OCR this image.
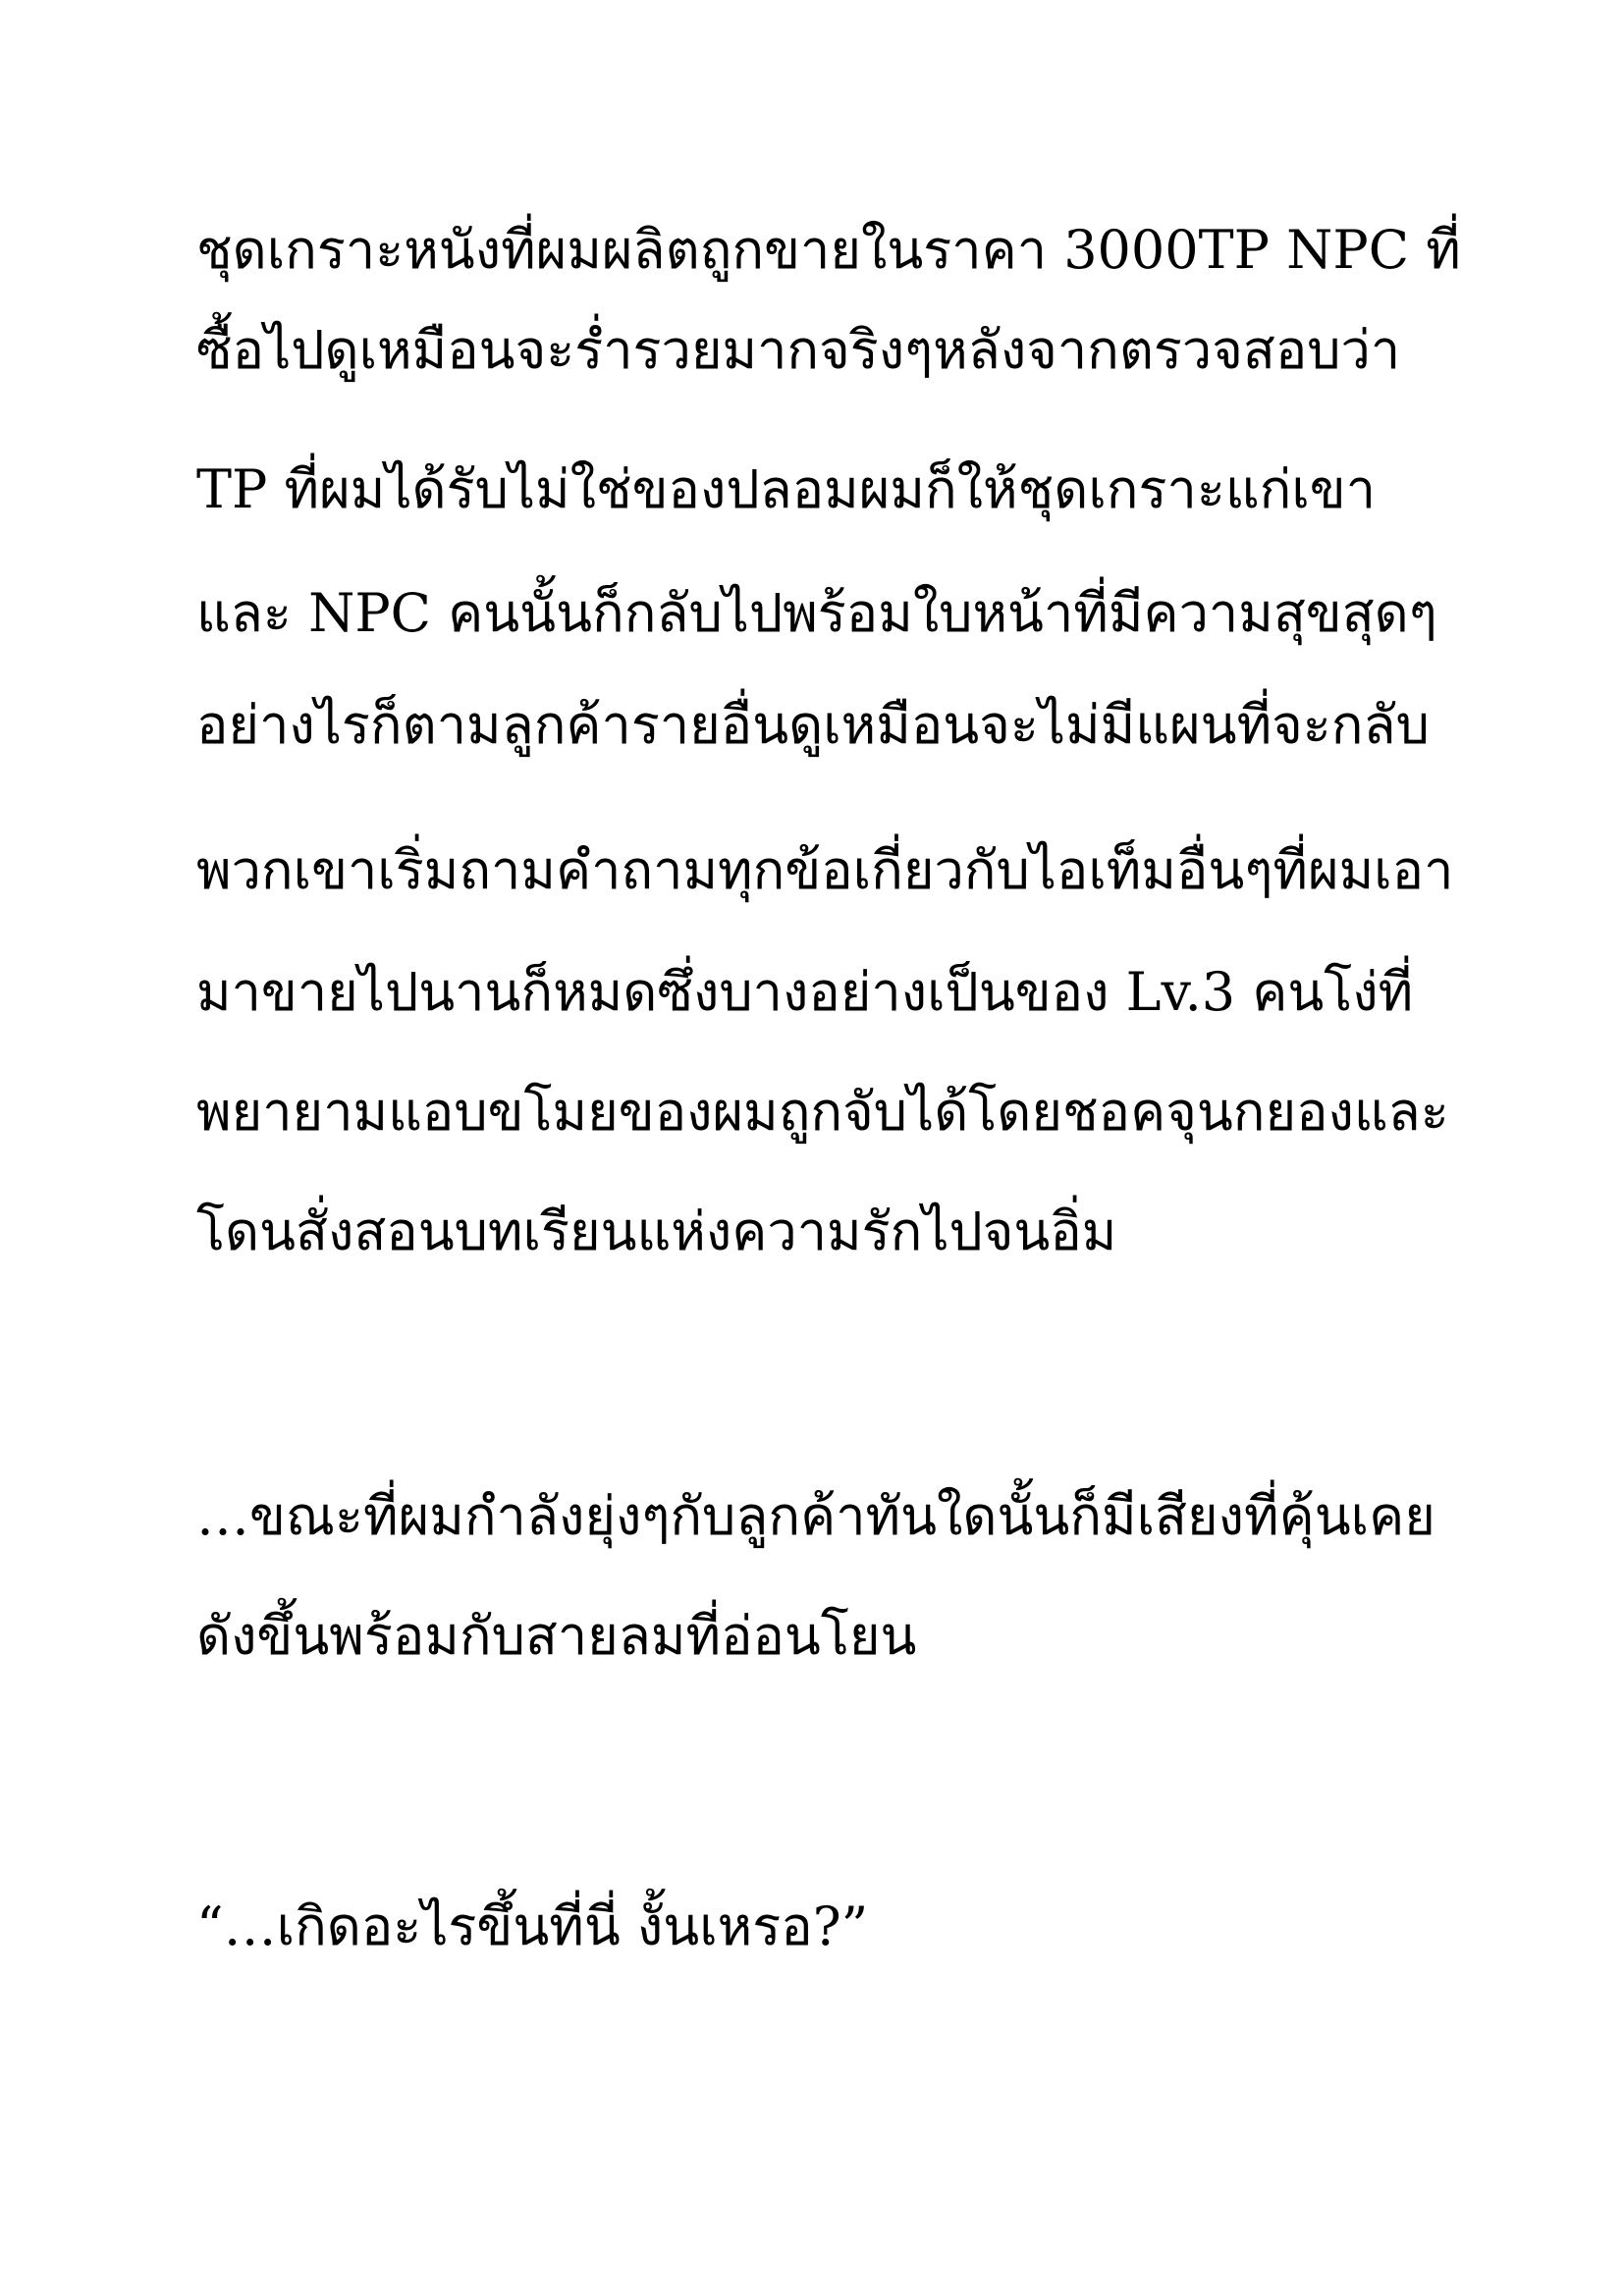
ชุดเกราะหนังที่ผมผลิตถูกขายในราคา 3000TP NPC ที่
ซื้อไปดูเหมือนจะร่ำรวยมากจริงๆหลังจากตรวจสอบว่า
TP ที่ผมได้รับไม่ใช่ของปลอมผมก็ให้ชุดเกราะแก่เขา
และ NPC คนนั้นก็กลับไปพร้อมใบหน้าที่มีความสุขสุดๆ
อย่างไรก็ตามลูกค้ารายอื่นดูเหมือนจะไม่มีแผนที่จะกลับ
พวกเขาเริ่มถามคำถามทุกข้อเกี่ยวกับไอเท็มอื่นๆที่ผมเอา
มาขายไปนานก็หมดซึ่งบางอย่างเป็นของ Lv.3 คนโง่ที่
พยายามแอบขโมยของผมถูกจับได้โดยชอคจุนกยองและ
โดนสั่งสอนบทเรียนแห่งความรักไปจนอิ่ม
…ขณะที่ผมกำลังยุ่งๆกับลูกค้าทันใดนั้นก็มีเสียงที่คุ้นเคย
ดังขึ้นพร้อมกับสายลมที่อ่อนโยน
“…เกิดอะไรขึ้นที่นี่ งั้นเหรอ?”
